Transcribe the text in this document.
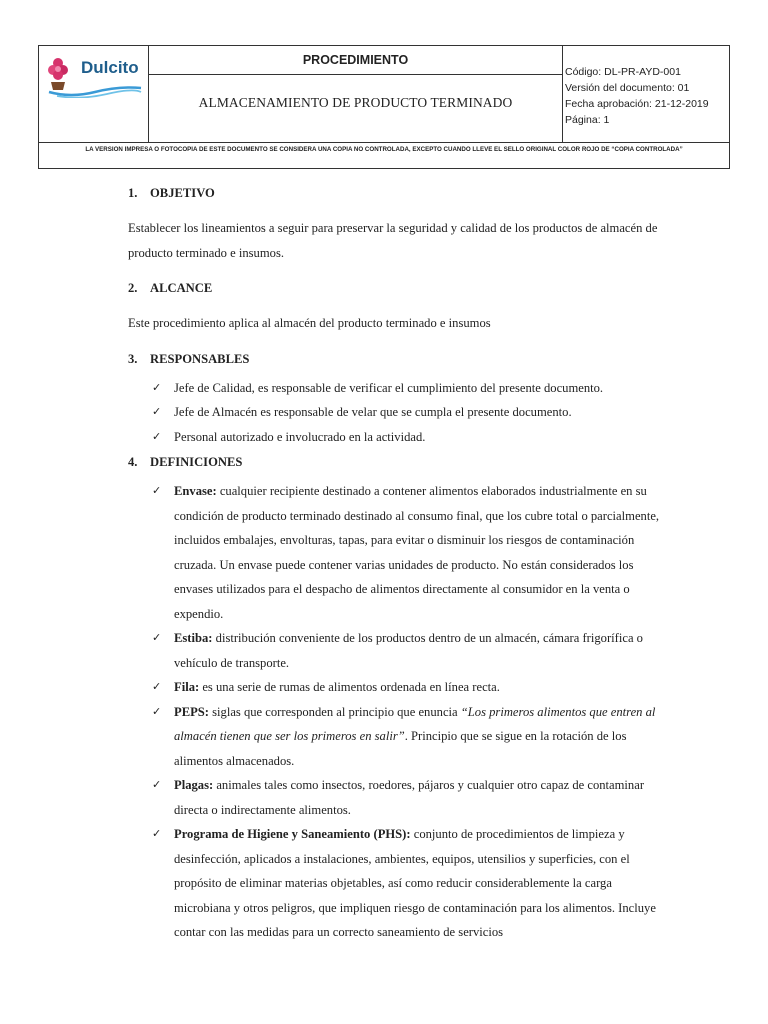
Dulcito	PROCEDIMIENTO
ALMACENAMIENTO DE PRODUCTO TERMINADO
Código: DL-PR-AYD-001
Versión del documento: 01
Fecha aprobación: 21-12-2019
Página: 1
LA VERSION IMPRESA O FOTOCOPIA DE ESTE DOCUMENTO SE CONSIDERA UNA COPIA NO CONTROLADA, EXCEPTO CUANDO LLEVE EL SELLO ORIGINAL COLOR ROJO DE “COPIA CONTROLADA”
1. OBJETIVO

Establecer los lineamientos a seguir para preservar la seguridad y calidad de los productos de almacén de producto terminado e insumos.

2. ALCANCE

Este procedimiento aplica al almacén del producto terminado e insumos

3. RESPONSABLES
✓ Jefe de Calidad, es responsable de verificar el cumplimiento del presente documento.
✓ Jefe de Almacén es responsable de velar que se cumpla el presente documento.
✓ Personal autorizado e involucrado en la actividad.
4. DEFINICIONES
✓ Envase: cualquier recipiente destinado a contener alimentos elaborados industrialmente en su condición de producto terminado destinado al consumo final, que los cubre total o parcialmente, incluidos embalajes, envolturas, tapas, para evitar o disminuir los riesgos de contaminación cruzada. Un envase puede contener varias unidades de producto. No están considerados los envases utilizados para el despacho de alimentos directamente al consumidor en la venta o expendio.
✓ Estiba: distribución conveniente de los productos dentro de un almacén, cámara frigorífica o vehículo de transporte.
✓ Fila: es una serie de rumas de alimentos ordenada en línea recta.
✓ PEPS: siglas que corresponden al principio que enuncia “Los primeros alimentos que entren al almacén tienen que ser los primeros en salir”. Principio que se sigue en la rotación de los alimentos almacenados.
✓ Plagas: animales tales como insectos, roedores, pájaros y cualquier otro capaz de contaminar directa o indirectamente alimentos.
✓ Programa de Higiene y Saneamiento (PHS): conjunto de procedimientos de limpieza y desinfección, aplicados a instalaciones, ambientes, equipos, utensilios y superficies, con el propósito de eliminar materias objetables, así como reducir considerablemente la carga microbiana y otros peligros, que impliquen riesgo de contaminación para los alimentos. Incluye contar con las medidas para un correcto saneamiento de servicios
